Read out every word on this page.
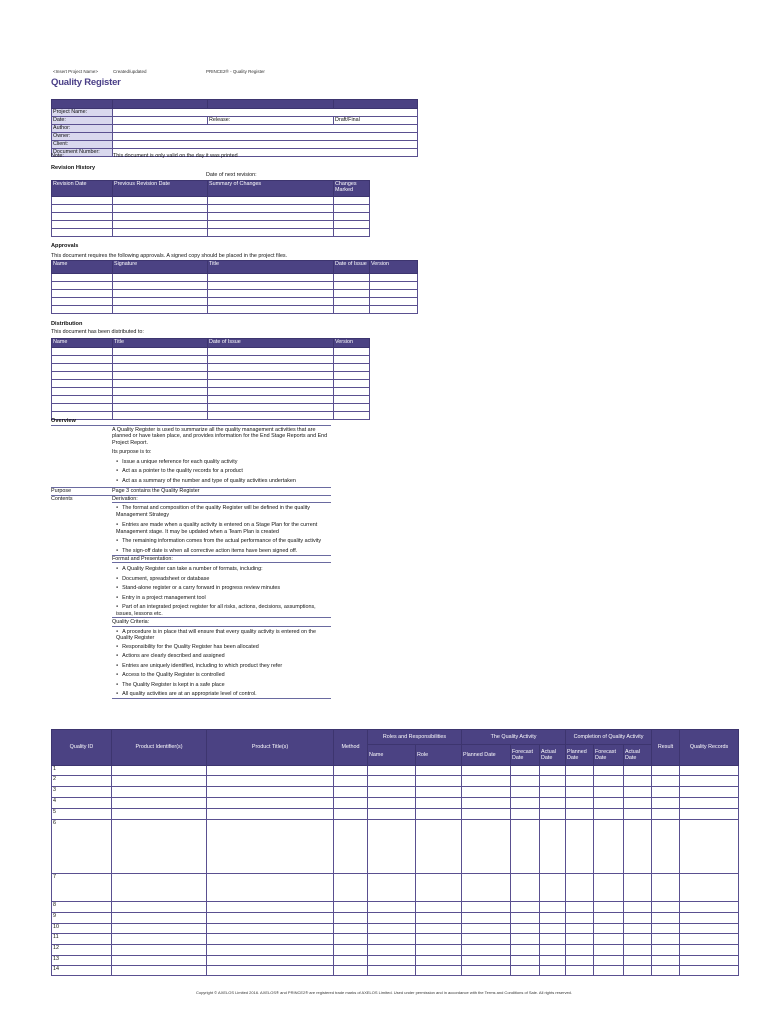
<Insert Project Name>	Created/updated	PRINCE2® - Quality Register
Quality Register

Project Name:			
Date:		Release:	Draft/Final
Author:			
Owner:			
Client:			
Document Number:			
Note:	This document is only valid on the day it was printed
Revision History
Date of next revision:
Revision Date	Previous Revision Date	Summary of Changes	Changes Marked

Approvals
This document requires the following approvals. A signed copy should be placed in the project files.
Name	Signature	Title	Date of Issue	Version

Distribution
This document has been distributed to:
Name	Title	Date of Issue	Version

Overview
A Quality Register is used to summarize all the quality management activities that are planned or have taken place, and provides information for the End Stage Reports and End Project Report.
Its purpose is to:
● Issue a unique reference for each quality activity
● Act as a pointer to the quality records for a product
● Act as a summary of the number and type of quality activities undertaken
Purpose	Page 3 contains the Quality Register
Contents	Derivation:
● The format and composition of the quality Register will be defined in the quality Management Strategy
● Entries are made when a quality activity is entered on a Stage Plan for the current Management stage. It may be updated when a Team Plan is created
● The remaining information comes from the actual performance of the quality activity
● The sign-off date is when all corrective action items have been signed off.
Format and Presentation:
● A Quality Register can take a number of formats, including:
● Document, spreadsheet or database
● Stand-alone register or a carry forward in progress review minutes
● Entry in a project management tool
● Part of an integrated project register for all risks, actions, decisions, assumptions, issues, lessons etc.
Quality Criteria:
● A procedure is in place that will ensure that every quality activity is entered on the Quality Register
● Responsibility for the Quality Register has been allocated
● Actions are clearly described and assigned
● Entries are uniquely identified, including to which product they refer
● Access to the Quality Register is controlled
● The Quality Register is kept in a safe place
● All quality activities are at an appropriate level of control.
Quality ID	Product Identifier(s)	Product Title(s)	Method	Roles and Responsibilities		The Quality Activity			Completion of Quality Activity			Result	Quality Records
				Name	Role	Planned Date	Forecast Date	Actual Date	Planned Date	Forecast Date	Actual Date		
1													
2													
3													
4													
5													
6													
7													
8													
9													
10													
11													
12													
13													
14													
Copyright © AXELOS Limited 2016. AXELOS® and PRINCE2® are registered trade marks of AXELOS Limited. Used under permission and in accordance with the Terms and Conditions of Sale. All rights reserved.
